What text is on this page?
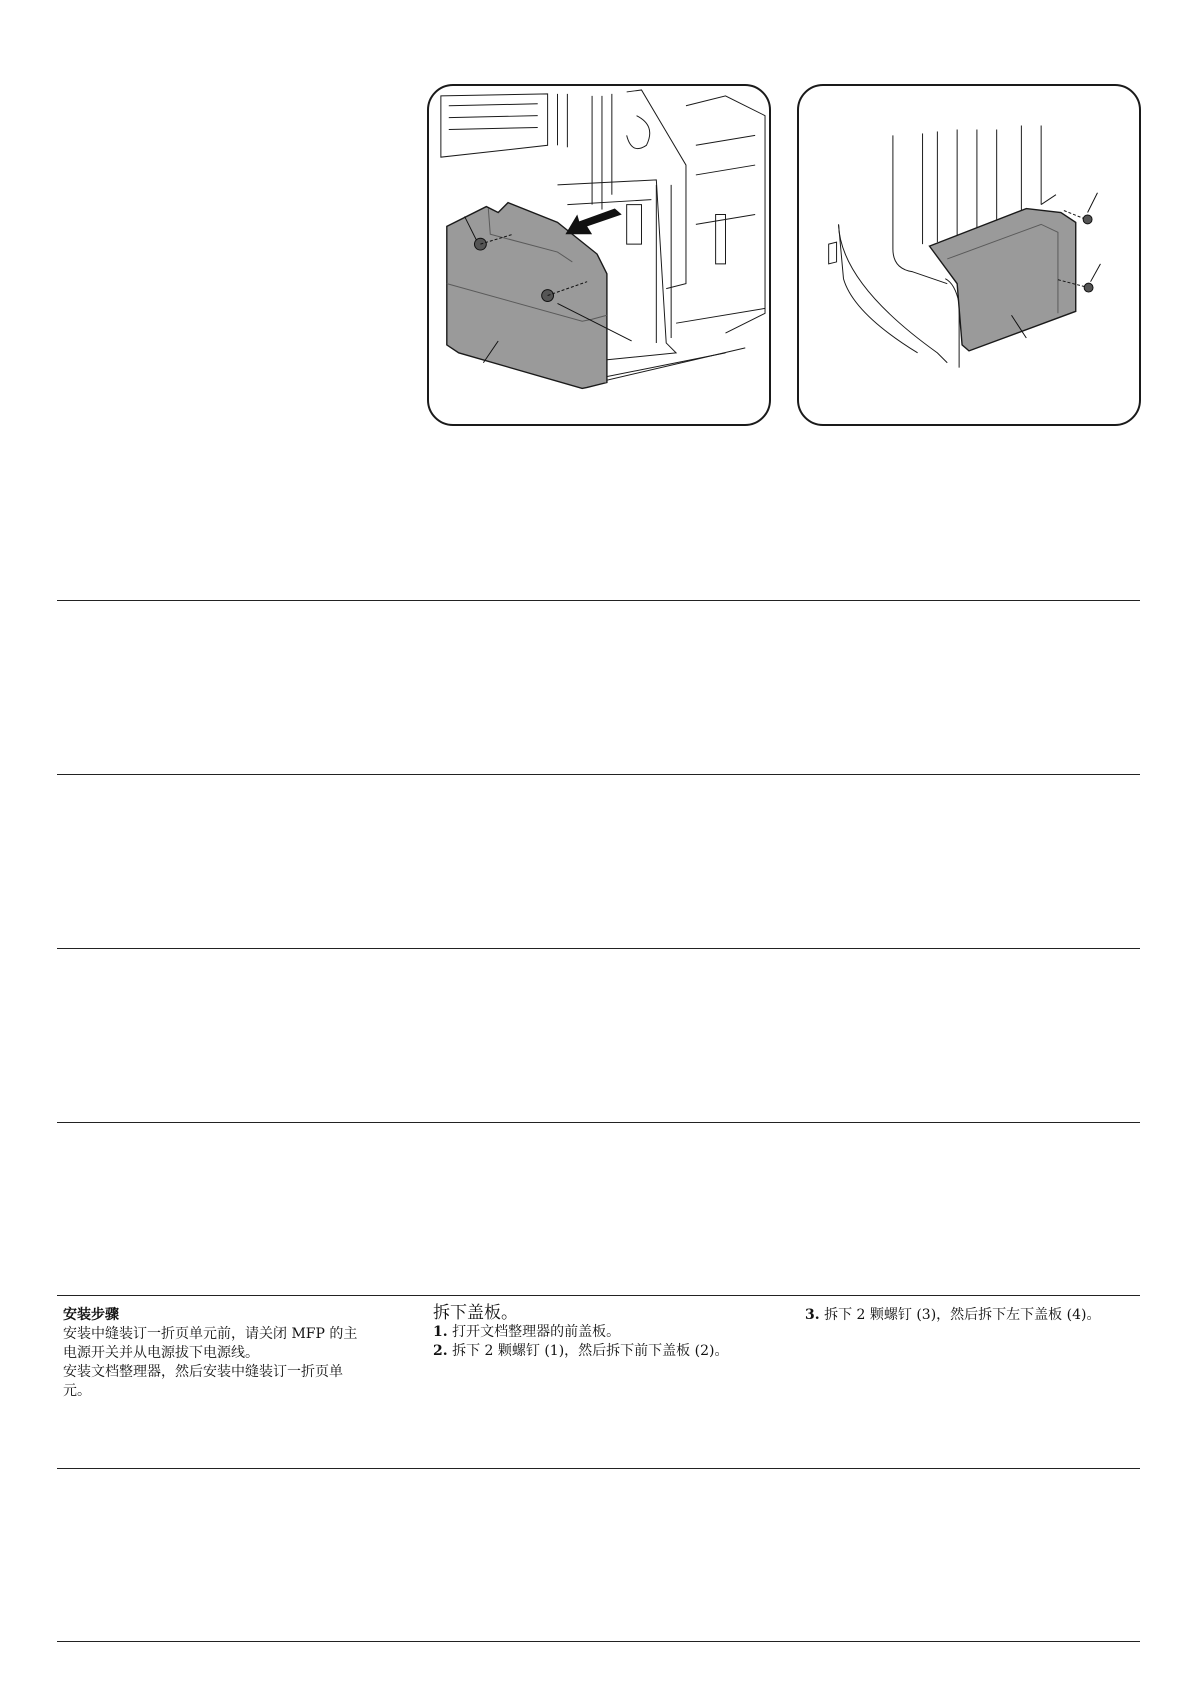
安装步骤

安装中缝装订一折页单元前，请关闭 MFP 的主

电源开关并从电源拔下电源线。

安装文档整理器，然后安装中缝装订一折页单

元。

拆下盖板。

1. 打开文档整理器的前盖板。

2. 拆下 2 颗螺钉 (1)，然后拆下前下盖板 (2)。

3. 拆下 2 颗螺钉 (3)，然后拆下左下盖板 (4)。
